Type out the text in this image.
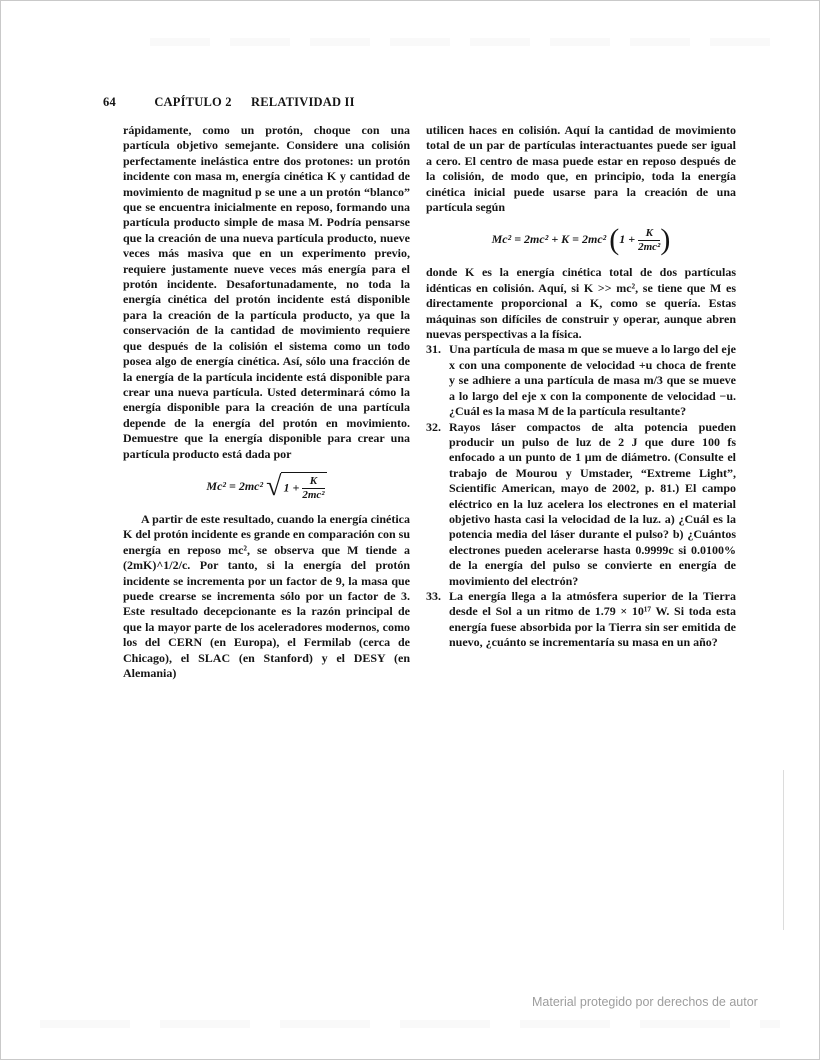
64	CAPÍTULO 2 RELATIVIDAD II

rápidamente, como un protón, choque con una partícula objetivo semejante. Considere una colisión perfectamente inelástica entre dos protones: un protón incidente con masa m, energía cinética K y cantidad de movimiento de magnitud p se une a un protón “blanco” que se encuentra inicialmente en reposo, formando una partícula producto simple de masa M. Podría pensarse que la creación de una nueva partícula producto, nueve veces más masiva que en un experimento previo, requiere justamente nueve veces más energía para el protón incidente. Desafortunadamente, no toda la energía cinética del protón incidente está disponible para la creación de la partícula producto, ya que la conservación de la cantidad de movimiento requiere que después de la colisión el sistema como un todo posea algo de energía cinética. Así, sólo una fracción de la energía de la partícula incidente está disponible para crear una nueva partícula. Usted determinará cómo la energía disponible para la creación de una partícula depende de la energía del protón en movimiento. Demuestre que la energía disponible para crear una partícula producto está dada por

Mc² = 2mc² √ $1 + \frac{K}{\text{2mc²}}$

A partir de este resultado, cuando la energía cinética K del protón incidente es grande en comparación con su energía en reposo mc², se observa que M tiende a (2mK)^1/2/c. Por tanto, si la energía del protón incidente se incrementa por un factor de 9, la masa que puede crearse se incrementa sólo por un factor de 3. Este resultado decepcionante es la razón principal de que la mayor parte de los aceleradores modernos, como los del CERN (en Europa), el Fermilab (cerca de Chicago), el SLAC (en Stanford) y el DESY (en Alemania)

utilicen haces en colisión. Aquí la cantidad de movimiento total de un par de partículas interactuantes puede ser igual a cero. El centro de masa puede estar en reposo después de la colisión, de modo que, en principio, toda la energía cinética inicial puede usarse para la creación de una partícula según

Mc² = 2mc² + K = 2mc² ($1 + \frac{K}{\text{2mc²}}$ )

donde K es la energía cinética total de dos partículas idénticas en colisión. Aquí, si K >> mc², se tiene que M es directamente proporcional a K, como se quería. Estas máquinas son difíciles de construir y operar, aunque abren nuevas perspectivas a la física.

31. Una partícula de masa m que se mueve a lo largo del eje x con una componente de velocidad +u choca de frente y se adhiere a una partícula de masa m/3 que se mueve a lo largo del eje x con la componente de velocidad −u. ¿Cuál es la masa M de la partícula resultante?
32. Rayos láser compactos de alta potencia pueden producir un pulso de luz de 2 J que dure 100 fs enfocado a un punto de 1 μm de diámetro. (Consulte el trabajo de Mourou y Umstader, “Extreme Light”, Scientific American, mayo de 2002, p. 81.) El campo eléctrico en la luz acelera los electrones en el material objetivo hasta casi la velocidad de la luz. a) ¿Cuál es la potencia media del láser durante el pulso? b) ¿Cuántos electrones pueden acelerarse hasta 0.9999c si 0.0100% de la energía del pulso se convierte en energía de movimiento del electrón?
33. La energía llega a la atmósfera superior de la Tierra desde el Sol a un ritmo de 1.79 × 10¹⁷ W. Si toda esta energía fuese absorbida por la Tierra sin ser emitida de nuevo, ¿cuánto se incrementaría su masa en un año?
Material protegido por derechos de autor
